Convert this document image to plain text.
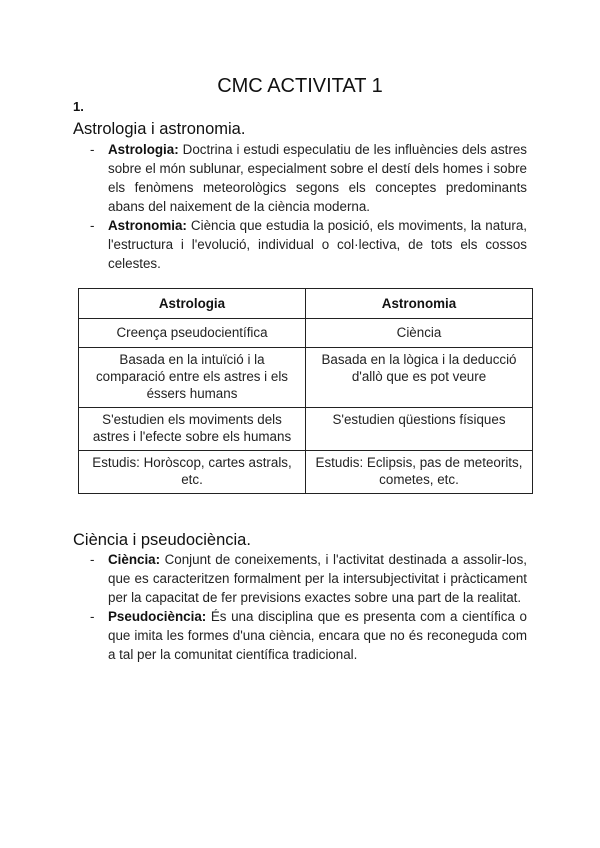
CMC ACTIVITAT 1
1.
Astrologia i astronomia.
- Astrologia: Doctrina i estudi especulatiu de les influències dels astres sobre el món sublunar, especialment sobre el destí dels homes i sobre els fenòmens meteorològics segons els conceptes predominants abans del naixement de la ciència moderna.
- Astronomia: Ciència que estudia la posició, els moviments, la natura, l'estructura i l'evolució, individual o col·lectiva, de tots els cossos celestes.
Astrologia	Astronomia
Creença pseudocientífica	Ciència
Basada en la intuïció i la comparació entre els astres i els éssers humans	Basada en la lògica i la deducció d'allò que es pot veure
S'estudien els moviments dels astres i l'efecte sobre els humans	S'estudien qüestions físiques
Estudis: Horòscop, cartes astrals, etc.	Estudis: Eclipsis, pas de meteorits, cometes, etc.
Ciència i pseudociència.
- Ciència: Conjunt de coneixements, i l'activitat destinada a assolir-los, que es caracteritzen formalment per la intersubjectivitat i pràcticament per la capacitat de fer previsions exactes sobre una part de la realitat.
- Pseudociència: És una disciplina que es presenta com a científica o que imita les formes d'una ciència, encara que no és reconeguda com a tal per la comunitat científica tradicional.
